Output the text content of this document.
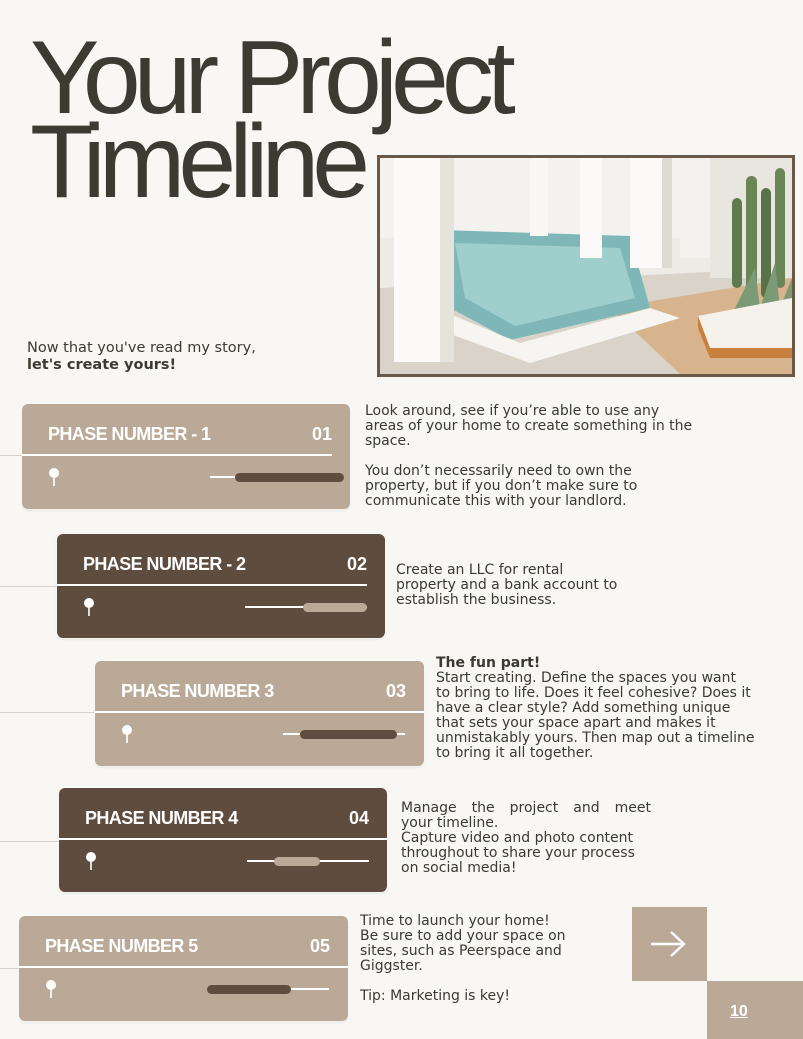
Your Project
Timeline
Now that you've read my story,
let's create yours!
PHASE NUMBER - 1	01

Look around, see if you’re able to use any

areas of your home to create something in the

space.

You don’t necessarily need to own the

property, but if you don’t make sure to

communicate this with your landlord.

PHASE NUMBER - 2	02 Create an LLC for rental

property and a bank account to

establish the business.

PHASE NUMBER 3	03

The fun part!

Start creating. Define the spaces you want

to bring to life. Does it feel cohesive? Does it

have a clear style? Add something unique

that sets your space apart and makes it

unmistakably yours. Then map out a timeline

to bring it all together.

PHASE NUMBER 4	04 Manage the project and meet

your timeline.

Capture video and photo content

throughout to share your process

on social media!

PHASE NUMBER 5	05

Time to launch your home!

Be sure to add your space on

sites, such as Peerspace and

Giggster.

Tip: Marketing is key!

10
